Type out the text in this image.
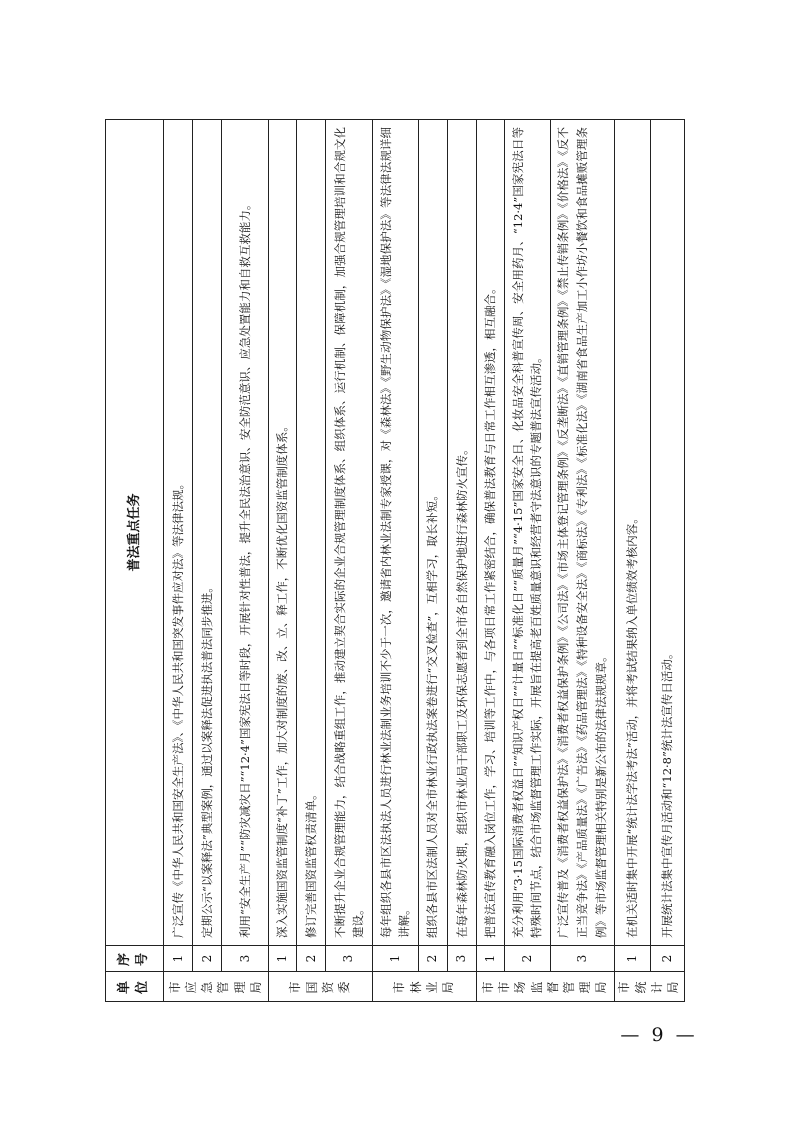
单位	序号	普法重点任务
市应急管理局	1	广泛宣传《中华人民共和国安全生产法》、《中华人民共和国突发事件应对法》等法律法规。
	2	定期公示“以案释法”典型案例，通过以案释法促进执法普法同步推进。
	3	利用“安全生产月”“防灾减灾日”“12·4”国家宪法日等时段，开展针对性普法，提升全民法治意识、安全防范意识、应急处置能力和自救互救能力。
市国资委	1	深入实施国资监管制度“补丁”工作，加大对制度的废、改、立、释工作，不断优化国资监管制度体系。
	2	修订完善国资监管权责清单。
	3	不断提升企业合规管理能力，结合战略重组工作，推动建立契合实际的企业合规管理制度体系、组织体系、运行机制、保障机制，加强合规管理培训和合规文化建设。
市林业局	1	每年组织各县市区法执法人员进行林业法制业务培训不少于一次，邀请省内林业法制专家授课，对《森林法》《野生动物保护法》《湿地保护法》等法律法规详细讲解。
	2	组织各县市区法制人员对全市林业行政执法案卷进行“交叉检查”，互相学习，取长补短。
	3	在每年森林防火期，组织市林业局干部职工及环保志愿者到全市各自然保护地进行森林防火宣传。
市市场监督管理局	1	把普法宣传教育融入岗位工作，学习、培训等工作中，与各项日常工作紧密结合，确保普法教育与日常工作相互渗透，相互融合。
	2	充分利用“3·15国际消费者权益日”“知识产权日”“计量日”“标准化日”“质量月”“4·15”国家安全日、化妆品安全科普宣传周、安全用药月、“12·4”国家宪法日等特殊时间节点，结合市场监督管理工作实际，开展旨在提高老百姓质量意识和经营者守法意识的专题普法宣传活动。
	3	广泛宣传普及《消费者权益保护法》《消费者权益保护条例》《公司法》《市场主体登记管理条例》《反垄断法》《直销管理条例》《禁止传销条例》《价格法》《反不正当竞争法》《产品质量法》《广告法》《药品管理法》《特种设备安全法》《商标法》《专利法》《标准化法》《湖南省食品生产加工小作坊小餐饮和食品摊贩管理条例》等市场监督管理相关特别是新公布的法律法规规章。
市统计局	1	在机关适时集中开展“统计法学法考法”活动，并将考试结果纳入单位绩效考核内容。
	2	开展统计法集中宣传月活动和“12·8”统计法宣传日活动。
— 9 —
